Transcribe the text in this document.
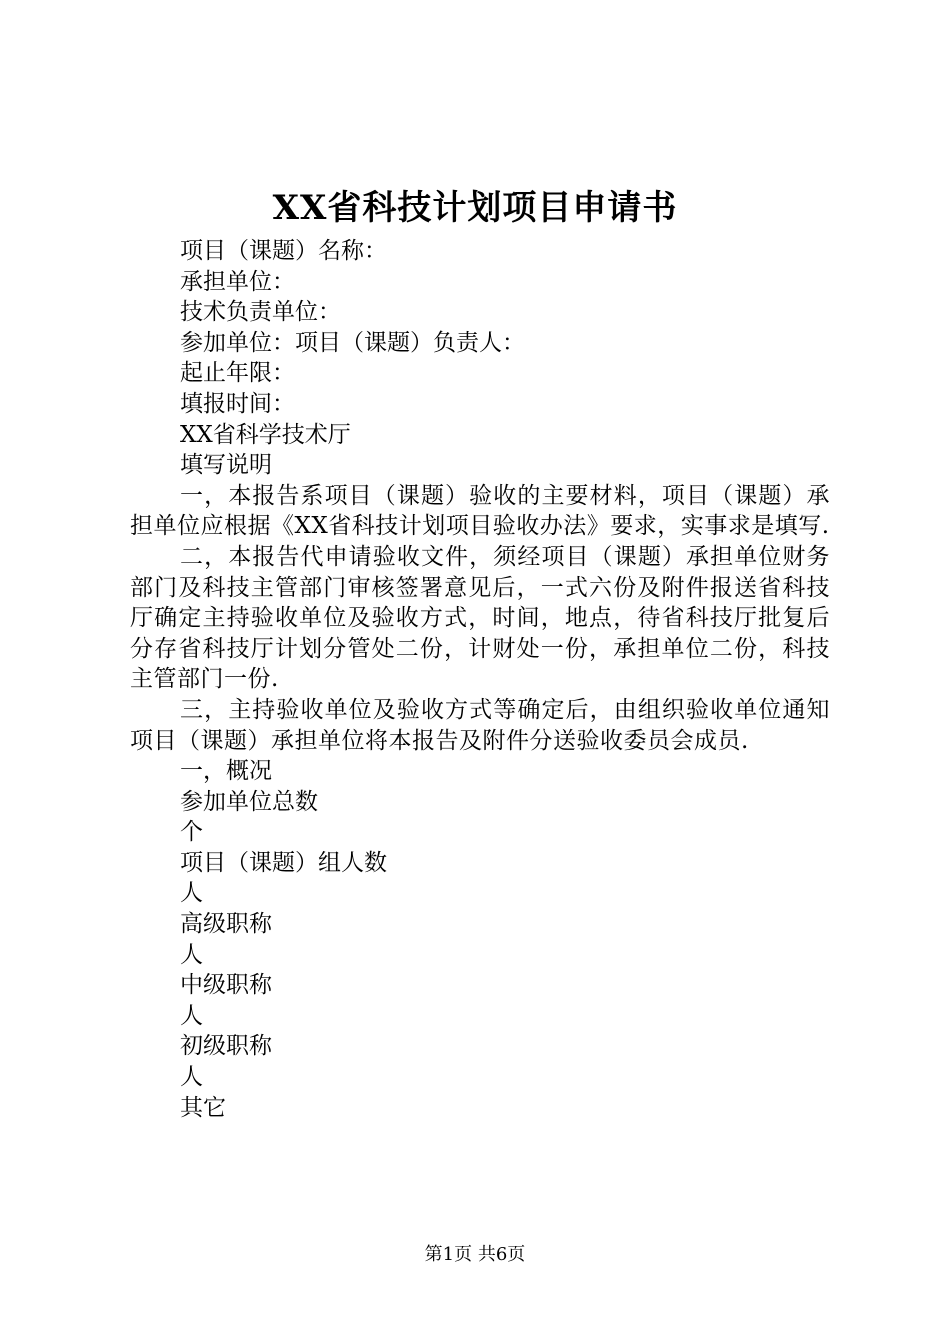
XX省科技计划项目申请书
项目（课题）名称：
承担单位：
技术负责单位：
参加单位：项目（课题）负责人：
起止年限：
填报时间：
XX省科学技术厅
填写说明
一，本报告系项目（课题）验收的主要材料，项目（课题）承担单位应根据《XX省科技计划项目验收办法》要求，实事求是填写.
二，本报告代申请验收文件，须经项目（课题）承担单位财务部门及科技主管部门审核签署意见后，一式六份及附件报送省科技厅确定主持验收单位及验收方式，时间，地点，待省科技厅批复后分存省科技厅计划分管处二份，计财处一份，承担单位二份，科技主管部门一份.
三，主持验收单位及验收方式等确定后，由组织验收单位通知项目（课题）承担单位将本报告及附件分送验收委员会成员.
一，概况
参加单位总数
个
项目（课题）组人数
人
高级职称
人
中级职称
人
初级职称
人
其它
第1页 共6页
